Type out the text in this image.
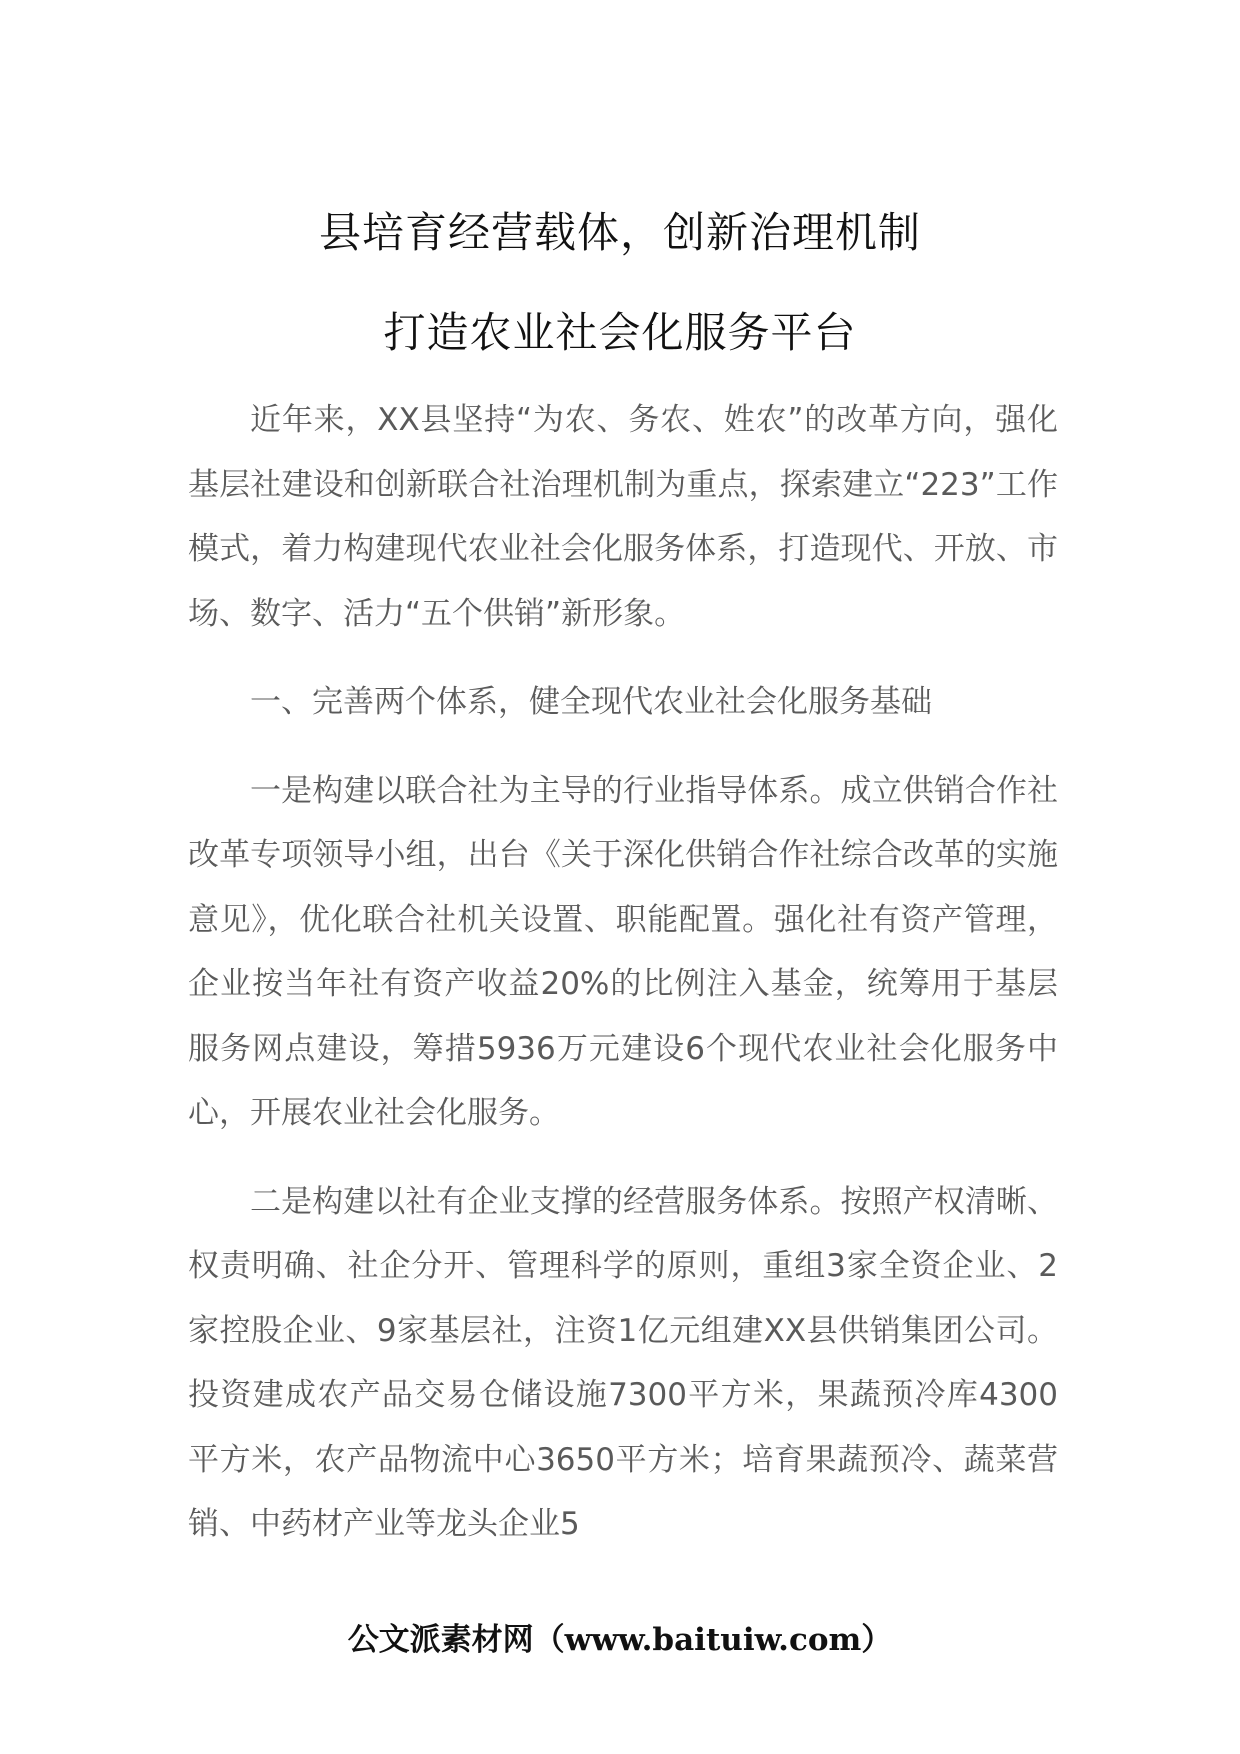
县培育经营载体，创新治理机制
打造农业社会化服务平台

近年来，XX县坚持“为农、务农、姓农”的改革方向，强化基层社建设和创新联合社治理机制为重点，探索建立“223”工作模式，着力构建现代农业社会化服务体系，打造现代、开放、市场、数字、活力“五个供销”新形象。

一、完善两个体系，健全现代农业社会化服务基础

一是构建以联合社为主导的行业指导体系。成立供销合作社改革专项领导小组，出台《关于深化供销合作社综合改革的实施意见》，优化联合社机关设置、职能配置。强化社有资产管理，企业按当年社有资产收益20%的比例注入基金，统筹用于基层服务网点建设，筹措5936万元建设6个现代农业社会化服务中心，开展农业社会化服务。

二是构建以社有企业支撑的经营服务体系。按照产权清晰、权责明确、社企分开、管理科学的原则，重组3家全资企业、2家控股企业、9家基层社，注资1亿元组建XX县供销集团公司。投资建成农产品交易仓储设施7300平方米，果蔬预冷库4300平方米，农产品物流中心3650平方米；培育果蔬预冷、蔬菜营销、中药材产业等龙头企业5

公文派素材网（www.baituiw.com）
